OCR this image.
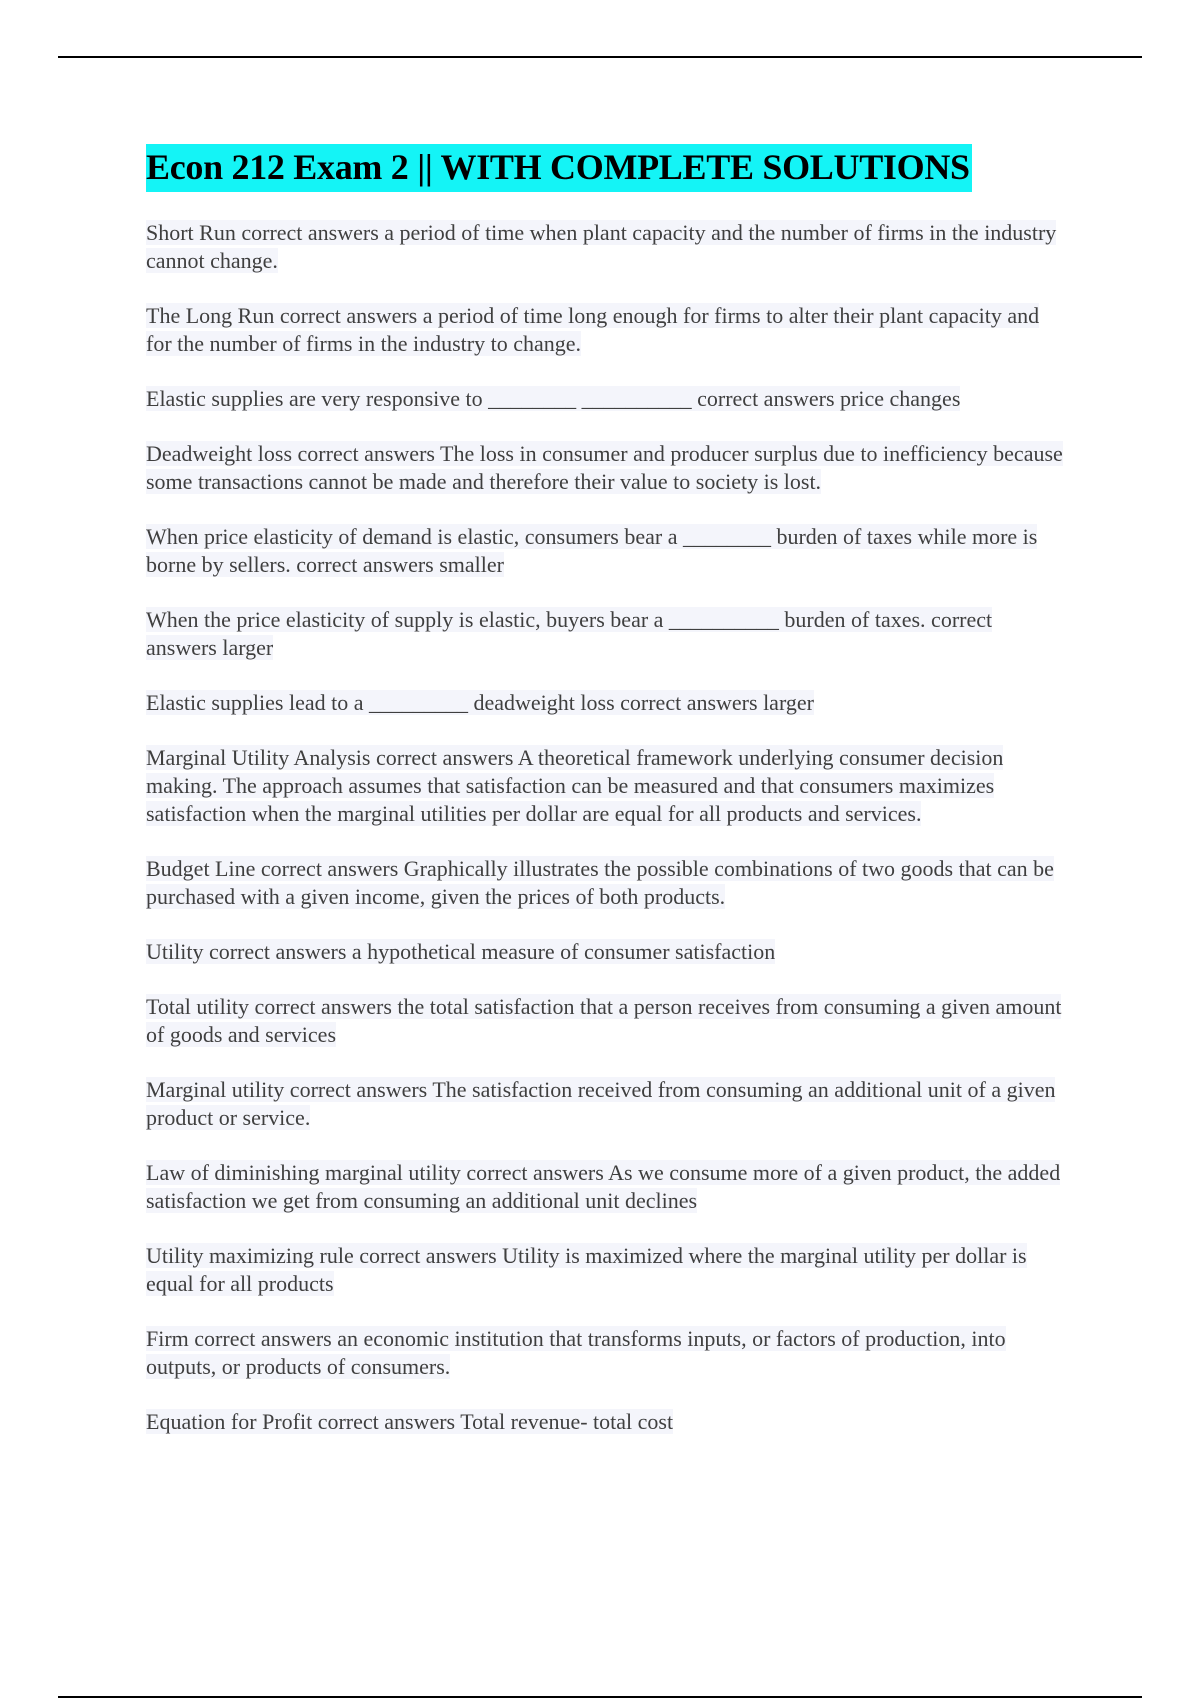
Econ 212 Exam 2 || WITH COMPLETE SOLUTIONS

Short Run correct answers a period of time when plant capacity and the number of firms in the industry cannot change.

The Long Run correct answers a period of time long enough for firms to alter their plant capacity and for the number of firms in the industry to change.

Elastic supplies are very responsive to ________ __________ correct answers price changes

Deadweight loss correct answers The loss in consumer and producer surplus due to inefficiency because some transactions cannot be made and therefore their value to society is lost.

When price elasticity of demand is elastic, consumers bear a ________ burden of taxes while more is borne by sellers. correct answers smaller

When the price elasticity of supply is elastic, buyers bear a __________ burden of taxes. correct answers larger

Elastic supplies lead to a _________ deadweight loss correct answers larger

Marginal Utility Analysis correct answers A theoretical framework underlying consumer decision making. The approach assumes that satisfaction can be measured and that consumers maximizes satisfaction when the marginal utilities per dollar are equal for all products and services.

Budget Line correct answers Graphically illustrates the possible combinations of two goods that can be purchased with a given income, given the prices of both products.

Utility correct answers a hypothetical measure of consumer satisfaction

Total utility correct answers the total satisfaction that a person receives from consuming a given amount of goods and services

Marginal utility correct answers The satisfaction received from consuming an additional unit of a given product or service.

Law of diminishing marginal utility correct answers As we consume more of a given product, the added satisfaction we get from consuming an additional unit declines

Utility maximizing rule correct answers Utility is maximized where the marginal utility per dollar is equal for all products

Firm correct answers an economic institution that transforms inputs, or factors of production, into outputs, or products of consumers.

Equation for Profit correct answers Total revenue- total cost
